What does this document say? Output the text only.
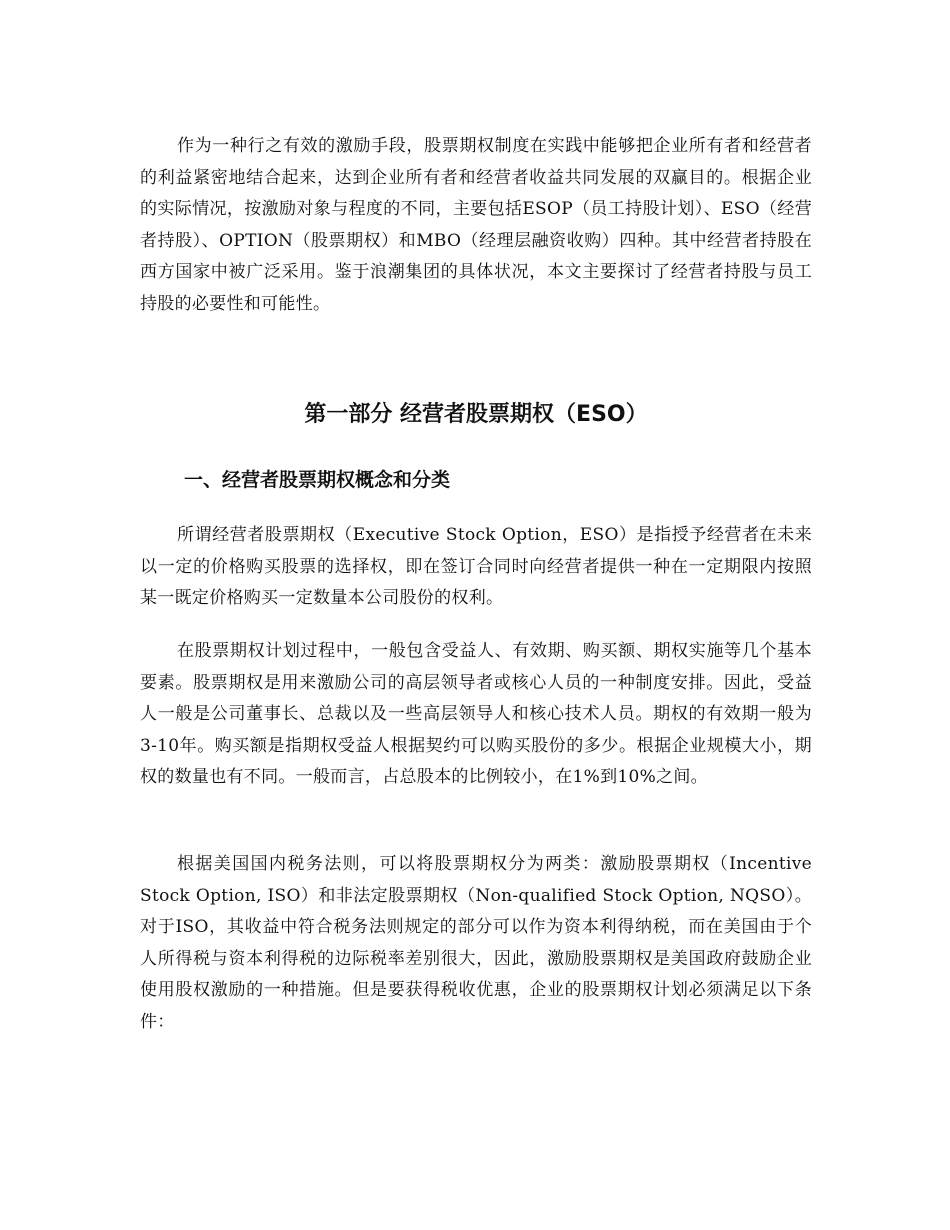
作为一种行之有效的激励手段，股票期权制度在实践中能够把企业所有者和经营者的利益紧密地结合起来，达到企业所有者和经营者收益共同发展的双赢目的。根据企业的实际情况，按激励对象与程度的不同，主要包括ESOP（员工持股计划）、ESO（经营者持股）、OPTION（股票期权）和MBO（经理层融资收购）四种。其中经营者持股在西方国家中被广泛采用。鉴于浪潮集团的具体状况，本文主要探讨了经营者持股与员工持股的必要性和可能性。

第一部分 经营者股票期权（ESO）
一、经营者股票期权概念和分类

所谓经营者股票期权（Executive Stock Option，ESO）是指授予经营者在未来以一定的价格购买股票的选择权，即在签订合同时向经营者提供一种在一定期限内按照某一既定价格购买一定数量本公司股份的权利。

在股票期权计划过程中，一般包含受益人、有效期、购买额、期权实施等几个基本要素。股票期权是用来激励公司的高层领导者或核心人员的一种制度安排。因此，受益人一般是公司董事长、总裁以及一些高层领导人和核心技术人员。期权的有效期一般为3-10年。购买额是指期权受益人根据契约可以购买股份的多少。根据企业规模大小，期权的数量也有不同。一般而言，占总股本的比例较小，在1%到10%之间。

根据美国国内税务法则，可以将股票期权分为两类：激励股票期权（Incentive Stock Option, ISO）和非法定股票期权（Non-qualified Stock Option, NQSO）。对于ISO，其收益中符合税务法则规定的部分可以作为资本利得纳税，而在美国由于个人所得税与资本利得税的边际税率差别很大，因此，激励股票期权是美国政府鼓励企业使用股权激励的一种措施。但是要获得税收优惠，企业的股票期权计划必须满足以下条件：
